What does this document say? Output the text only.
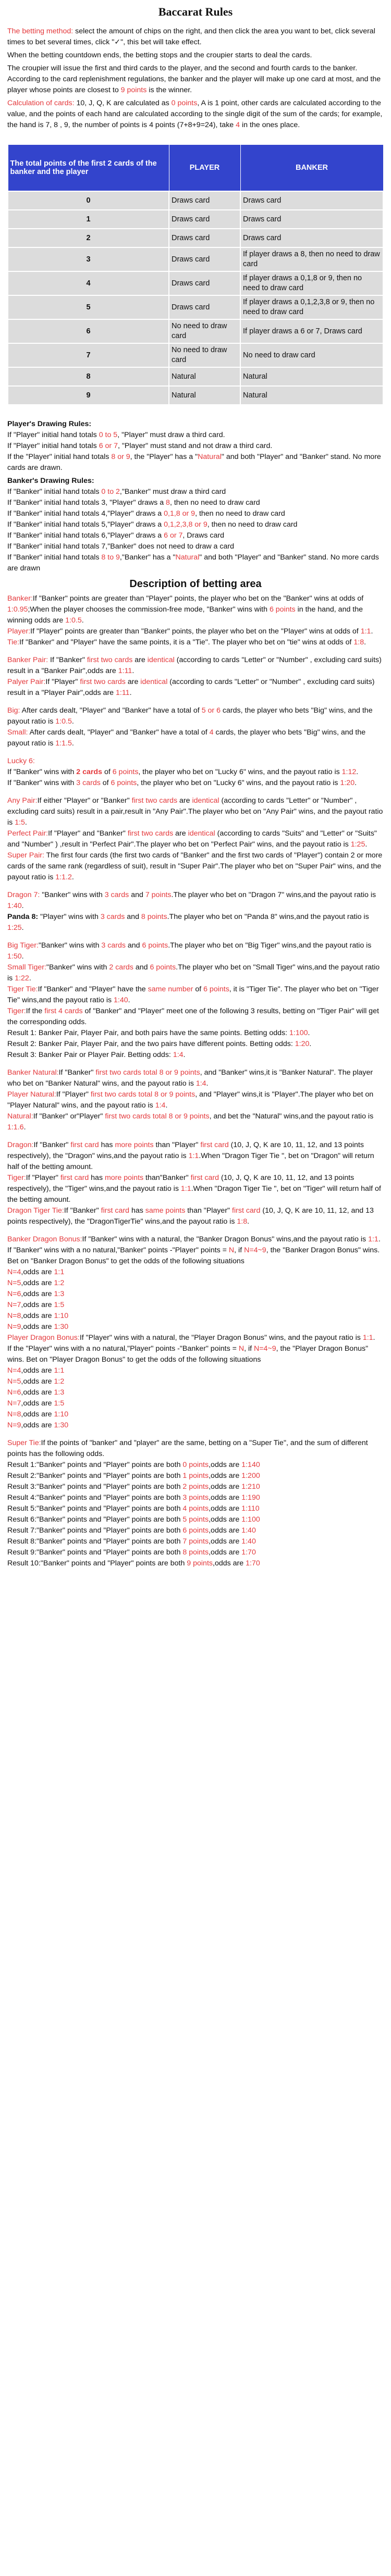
Baccarat Rules

The betting method: select the amount of chips on the right, and then click the area you want to bet, click several times to bet several times, click "✓", this bet will take effect.

When the betting countdown ends, the betting stops and the croupier starts to deal the cards.

The croupier will issue the first and third cards to the player, and the second and fourth cards to the banker. According to the card replenishment regulations, the banker and the player will make up one card at most, and the player whose points are closest to 9 points is the winner.

Calculation of cards: 10, J, Q, K are calculated as 0 points, A is 1 point, other cards are calculated according to the value, and the points of each hand are calculated according to the single digit of the sum of the cards; for example, the hand is 7, 8 , 9, the number of points is 4 points (7+8+9=24), take 4 in the ones place.

The total points of the first 2 cards of the banker and the player	PLAYER	BANKER
0	Draws card	Draws card
1	Draws card	Draws card
2	Draws card	Draws card
3	Draws card	If player draws a 8, then no need to draw card
4	Draws card	If player draws a 0,1,8 or 9, then no need to draw card
5	Draws card	If player draws a 0,1,2,3,8 or 9, then no need to draw card
6	No need to draw card	If player draws a 6 or 7, Draws card
7	No need to draw card	No need to draw card
8	Natural	Natural
9	Natural	Natural

Player's Drawing Rules:

If "Player" initial hand totals 0 to 5, "Player" must draw a third card.

If "Player" initial hand totals 6 or 7, "Player" must stand and not draw a third card.

If the "Player" initial hand totals 8 or 9, the "Player" has a "Natural" and both "Player" and "Banker" stand. No more cards are drawn.

Banker's Drawing Rules:

If "Banker" initial hand totals 0 to 2,"Banker" must draw a third card

If "Banker" initial hand totals 3, "Player" draws a 8, then no need to draw card

If "Banker" initial hand totals 4,"Player" draws a 0,1,8 or 9, then no need to draw card

If "Banker" initial hand totals 5,"Player" draws a 0,1,2,3,8 or 9, then no need to draw card

If "Banker" initial hand totals 6,"Player" draws a 6 or 7, Draws card

If "Banker" initial hand totals 7,"Banker" does not need to draw a card

If "Banker" initial hand totals 8 to 9,"Banker" has a "Natural" and both "Player" and "Banker" stand. No more cards are drawn

Description of betting area

Banker:If "Banker" points are greater than "Player" points, the player who bet on the "Banker" wins at odds of 1:0.95;When the player chooses the commission-free mode, "Banker" wins with 6 points in the hand, and the winning odds are 1:0.5.

Player:If "Player" points are greater than "Banker" points, the player who bet on the "Player" wins at odds of 1:1.

Tie:If "Banker" and "Player" have the same points, it is a "Tie". The player who bet on "tie" wins at odds of 1:8.

Banker Pair: If "Banker" first two cards are identical (according to cards "Letter" or "Number" , excluding card suits) result in a "Banker Pair",odds are 1:11.

Palyer Pair:If "Player" first two cards are identical (according to cards "Letter" or "Number" , excluding card suits) result in a "Player Pair",odds are 1:11.

Big: After cards dealt, "Player" and "Banker" have a total of 5 or 6 cards, the player who bets "Big" wins, and the payout ratio is 1:0.5.

Small: After cards dealt, "Player" and "Banker" have a total of 4 cards, the player who bets "Big" wins, and the payout ratio is 1:1.5.

Lucky 6:

If "Banker" wins with 2 cards of 6 points, the player who bet on "Lucky 6" wins, and the payout ratio is 1:12.

If "Banker" wins with 3 cards of 6 points, the player who bet on "Lucky 6" wins, and the payout ratio is 1:20.

Any Pair:If either "Player" or "Banker" first two cards are identical (according to cards "Letter" or "Number" , excluding card suits) result in a pair,result in "Any Pair".The player who bet on "Any Pair" wins, and the payout ratio is 1:5.

Perfect Pair:If "Player" and "Banker" first two cards are identical (according to cards "Suits" and "Letter" or "Suits" and "Number" ) ,result in "Perfect Pair".The player who bet on "Perfect Pair" wins, and the payout ratio is 1:25.

Super Pair: The first four cards (the first two cards of "Banker" and the first two cards of "Player") contain 2 or more cards of the same rank (regardless of suit), result in "Super Pair".The player who bet on "Super Pair" wins, and the payout ratio is 1:1.2.

Dragon 7: "Banker" wins with 3 cards and 7 points.The player who bet on "Dragon 7" wins,and the payout ratio is 1:40.

Panda 8: "Player" wins with 3 cards and 8 points.The player who bet on "Panda 8" wins,and the payout ratio is 1:25.

Big Tiger:"Banker" wins with 3 cards and 6 points.The player who bet on "Big Tiger" wins,and the payout ratio is 1:50.

Small Tiger:"Banker" wins with 2 cards and 6 points.The player who bet on "Small Tiger" wins,and the payout ratio is 1:22.

Tiger Tie:If "Banker" and "Player" have the same number of 6 points, it is "Tiger Tie". The player who bet on "Tiger Tie" wins,and the payout ratio is 1:40.

Tiger:If the first 4 cards of "Banker" and "Player" meet one of the following 3 results, betting on "Tiger Pair" will get the corresponding odds.

Result 1: Banker Pair, Player Pair, and both pairs have the same points. Betting odds: 1:100.

Result 2: Banker Pair, Player Pair, and the two pairs have different points. Betting odds: 1:20.

Result 3: Banker Pair or Player Pair. Betting odds: 1:4.

Banker Natural:If "Banker" first two cards total 8 or 9 points, and "Banker" wins,it is "Banker Natural". The player who bet on "Banker Natural" wins, and the payout ratio is 1:4.

Player Natural:If "Player" first two cards total 8 or 9 points, and "Player" wins,it is "Player".The player who bet on "Player Natural" wins, and the payout ratio is 1:4.

Natural:If "Banker" or"Player" first two cards total 8 or 9 points, and bet the "Natural" wins,and the payout ratio is 1:1.6.

Dragon:If "Banker" first card has more points than "Player" first card (10, J, Q, K are 10, 11, 12, and 13 points respectively), the "Dragon" wins,and the payout ratio is 1:1.When "Dragon Tiger Tie ", bet on "Dragon" will return half of the betting amount.

Tiger:If "Player" first card has more points than"Banker" first card (10, J, Q, K are 10, 11, 12, and 13 points respectively), the "Tiger" wins,and the payout ratio is 1:1.When "Dragon Tiger Tie ", bet on "Tiger" will return half of the betting amount.

Dragon Tiger Tie:If "Banker" first card has same points than "Player" first card (10, J, Q, K are 10, 11, 12, and 13 points respectively), the "DragonTigerTie" wins,and the payout ratio is 1:8.

Banker Dragon Bonus:If "Banker" wins with a natural, the "Banker Dragon Bonus" wins,and the payout ratio is 1:1.

If "Banker" wins with a no natural,"Banker" points -"Player" points = N, if N=4~9, the "Banker Dragon Bonus" wins. Bet on "Banker Dragon Bonus" to get the odds of the following situations

N=4,odds are 1:1

N=5,odds are 1:2

N=6,odds are 1:3

N=7,odds are 1:5

N=8,odds are 1:10

N=9,odds are 1:30

Player Dragon Bonus:If "Player" wins with a natural, the "Player Dragon Bonus" wins, and the payout ratio is 1:1.

If the "Player" wins with a no natural,"Player" points -"Banker" points = N, if N=4~9, the "Player Dragon Bonus" wins. Bet on "Player Dragon Bonus" to get the odds of the following situations

N=4,odds are 1:1

N=5,odds are 1:2

N=6,odds are 1:3

N=7,odds are 1:5

N=8,odds are 1:10

N=9,odds are 1:30

Super Tie:If the points of "banker" and "player" are the same, betting on a "Super Tie", and the sum of different points has the following odds.

Result 1:"Banker" points and "Player" points are both 0 points,odds are 1:140

Result 2:"Banker" points and "Player" points are both 1 points,odds are 1:200

Result 3:"Banker" points and "Player" points are both 2 points,odds are 1:210

Result 4:"Banker" points and "Player" points are both 3 points,odds are 1:190

Result 5:"Banker" points and "Player" points are both 4 points,odds are 1:110

Result 6:"Banker" points and "Player" points are both 5 points,odds are 1:100

Result 7:"Banker" points and "Player" points are both 6 points,odds are 1:40

Result 8:"Banker" points and "Player" points are both 7 points,odds are 1:40

Result 9:"Banker" points and "Player" points are both 8 points,odds are 1:70

Result 10:"Banker" points and "Player" points are both 9 points,odds are 1:70
